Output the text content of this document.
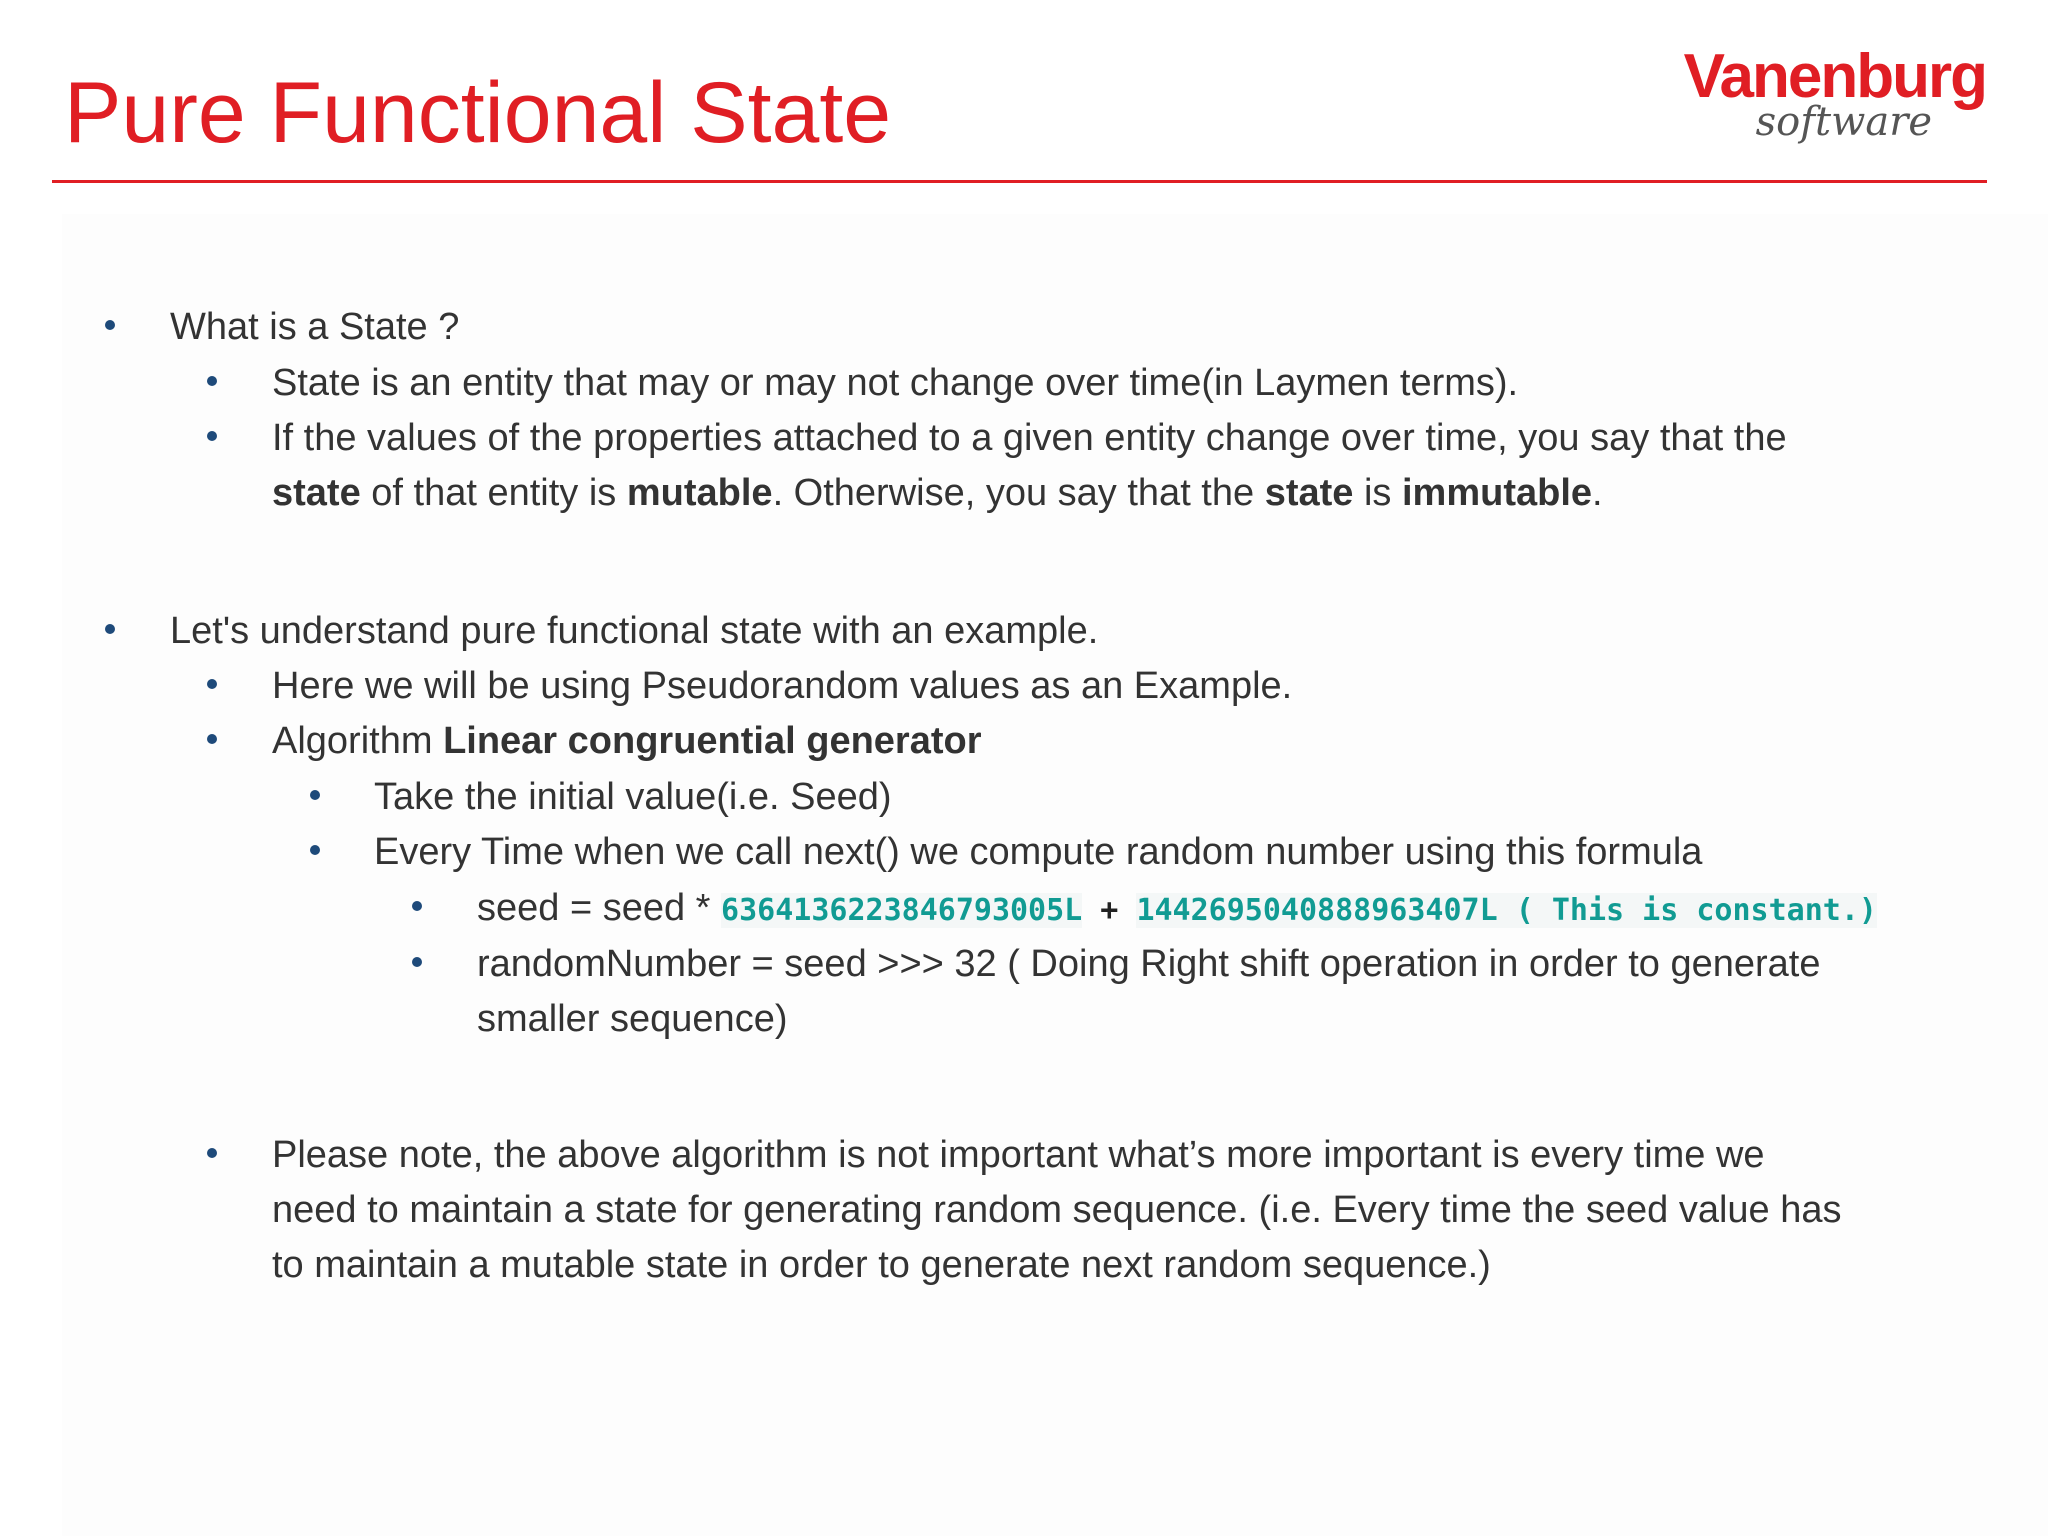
Pure Functional State	Vanenburg
software
What is a State ?
State is an entity that may or may not change over time(in Laymen terms).
If the values of the properties attached to a given entity change over time, you say that the
state of that entity is mutable. Otherwise, you say that the state is immutable.
Let's understand pure functional state with an example.
Here we will be using Pseudorandom values as an Example.
Algorithm Linear congruential generator
Take the initial value(i.e. Seed)
Every Time when we call next() we compute random number using this formula
seed = seed * 6364136223846793005L + 1442695040888963407L ( This is constant.)
randomNumber = seed >>> 32 ( Doing Right shift operation in order to generate
smaller sequence)
Please note, the above algorithm is not important what’s more important is every time we
need to maintain a state for generating random sequence. (i.e. Every time the seed value has
to maintain a mutable state in order to generate next random sequence.)
